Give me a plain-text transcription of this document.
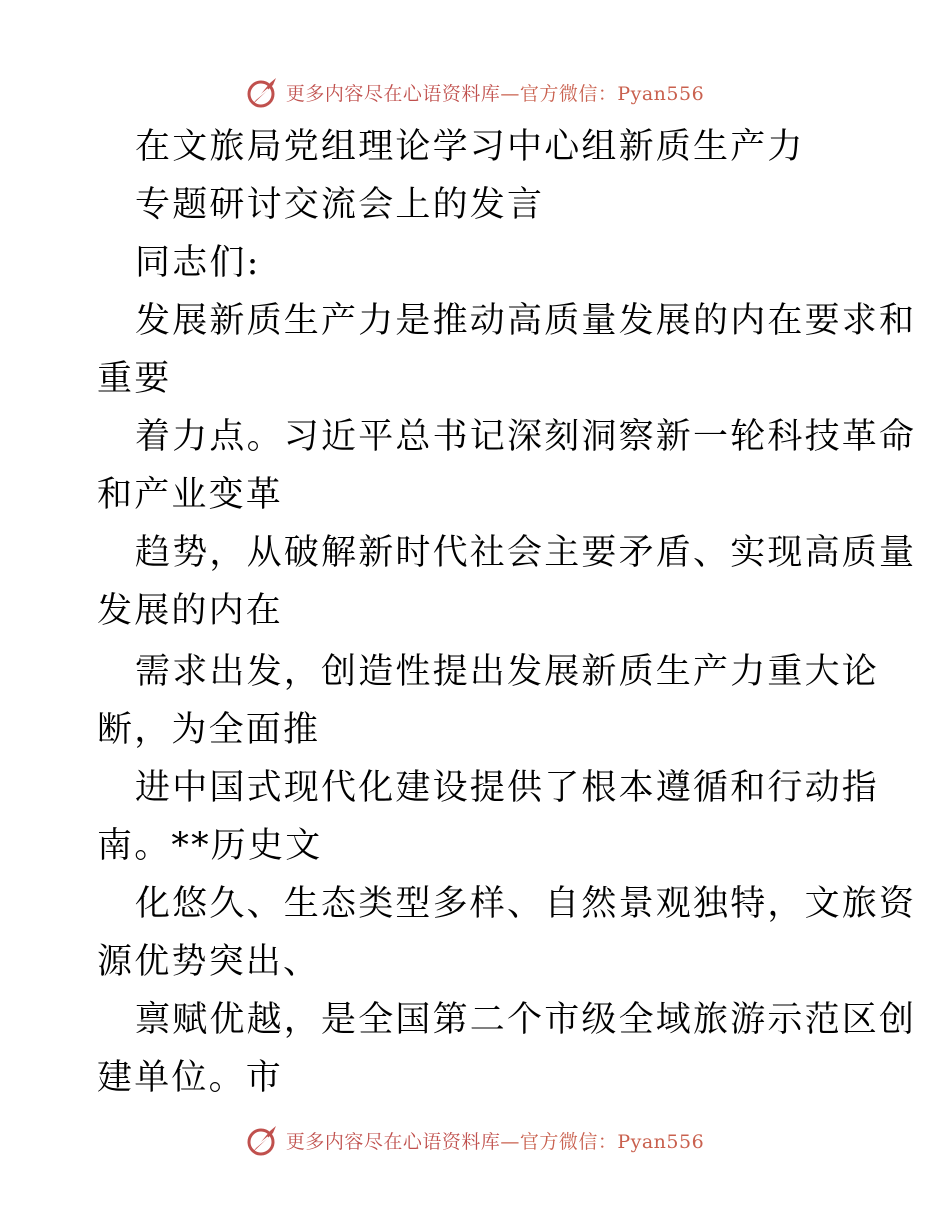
更多内容尽在心语资料库—官方微信：Pyan556
在文旅局党组理论学习中心组新质生产力
专题研讨交流会上的发言
同志们:
发展新质生产力是推动高质量发展的内在要求和
重要
着力点。习近平总书记深刻洞察新一轮科技革命
和产业变革
趋势，从破解新时代社会主要矛盾、实现高质量
发展的内在
需求出发，创造性提出发展新质生产力重大论
断，为全面推
进中国式现代化建设提供了根本遵循和行动指
南。**历史文
化悠久、生态类型多样、自然景观独特，文旅资
源优势突出、
禀赋优越，是全国第二个市级全域旅游示范区创
建单位。市
更多内容尽在心语资料库—官方微信：Pyan556
